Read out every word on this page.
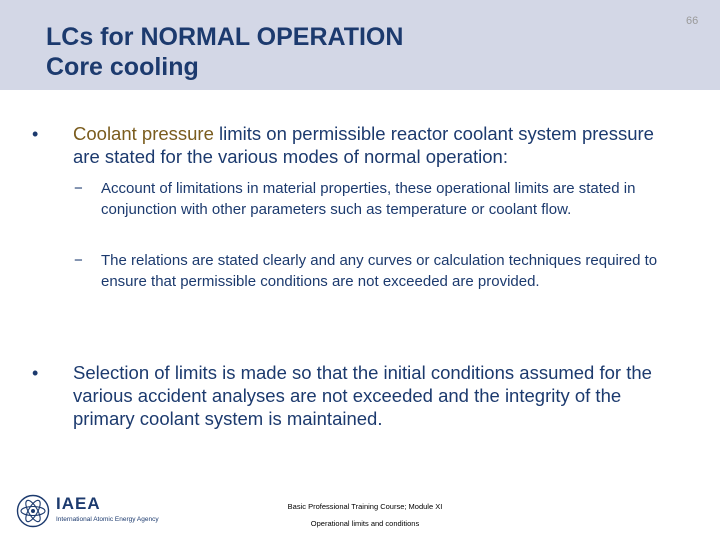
LCs for NORMAL OPERATION
Core cooling
66
• Coolant pressure limits on permissible reactor coolant system pressure are stated for the various modes of normal operation:
− Account of limitations in material properties, these operational limits are stated in conjunction with other parameters such as temperature or coolant flow.
− The relations are stated clearly and any curves or calculation techniques required to ensure that permissible conditions are not exceeded are provided.
• Selection of limits is made so that the initial conditions assumed for the various accident analyses are not exceeded and the integrity of the primary coolant system is maintained.
IAEA
International Atomic Energy Agency
Basic Professional Training Course; Module XI
Operational limits and conditions
